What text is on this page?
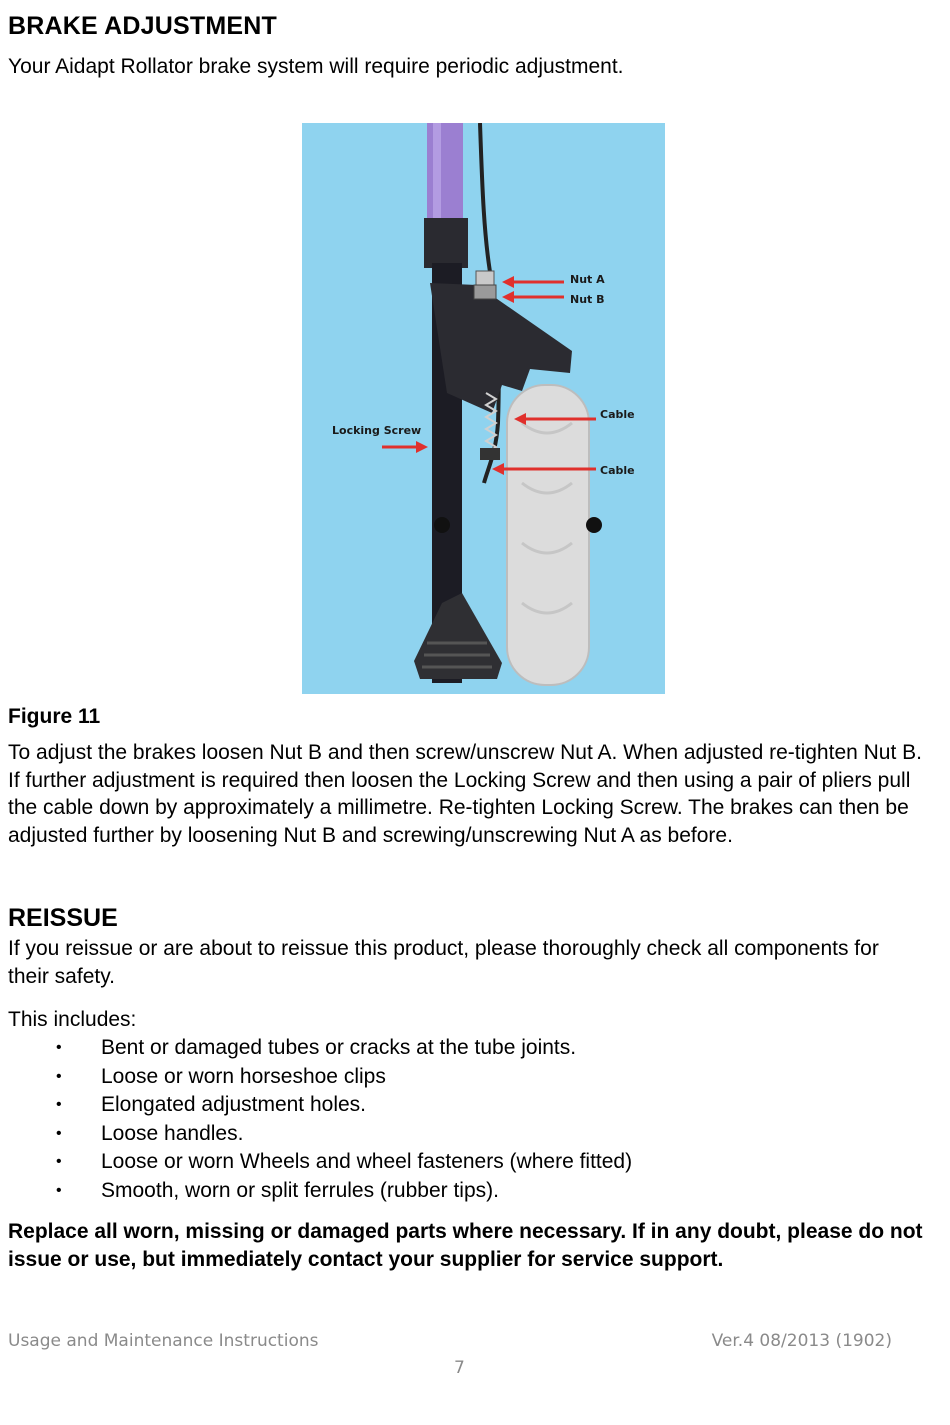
BRAKE ADJUSTMENT

Your Aidapt Rollator brake system will require periodic adjustment.

Nut A
Nut B
Cable
Locking Screw
Cable

Figure 11

To adjust the brakes loosen Nut B and then screw/unscrew Nut A. When adjusted re-tighten Nut B. If further adjustment is required then loosen the Locking Screw and then using a pair of pliers pull the cable down by approximately a millimetre. Re-tighten Locking Screw. The brakes can then be adjusted further by loosening Nut B and screwing/unscrewing Nut A as before.

REISSUE

If you reissue or are about to reissue this product, please thoroughly check all components for their safety.

This includes:

• Bent or damaged tubes or cracks at the tube joints.
• Loose or worn horseshoe clips
• Elongated adjustment holes.
• Loose handles.
• Loose or worn Wheels and wheel fasteners (where fitted)
• Smooth, worn or split ferrules (rubber tips).

Replace all worn, missing or damaged parts where necessary. If in any doubt, please do not issue or use, but immediately contact your supplier for service support.

Usage and Maintenance Instructions	Ver.4 08/2013 (1902)

7
